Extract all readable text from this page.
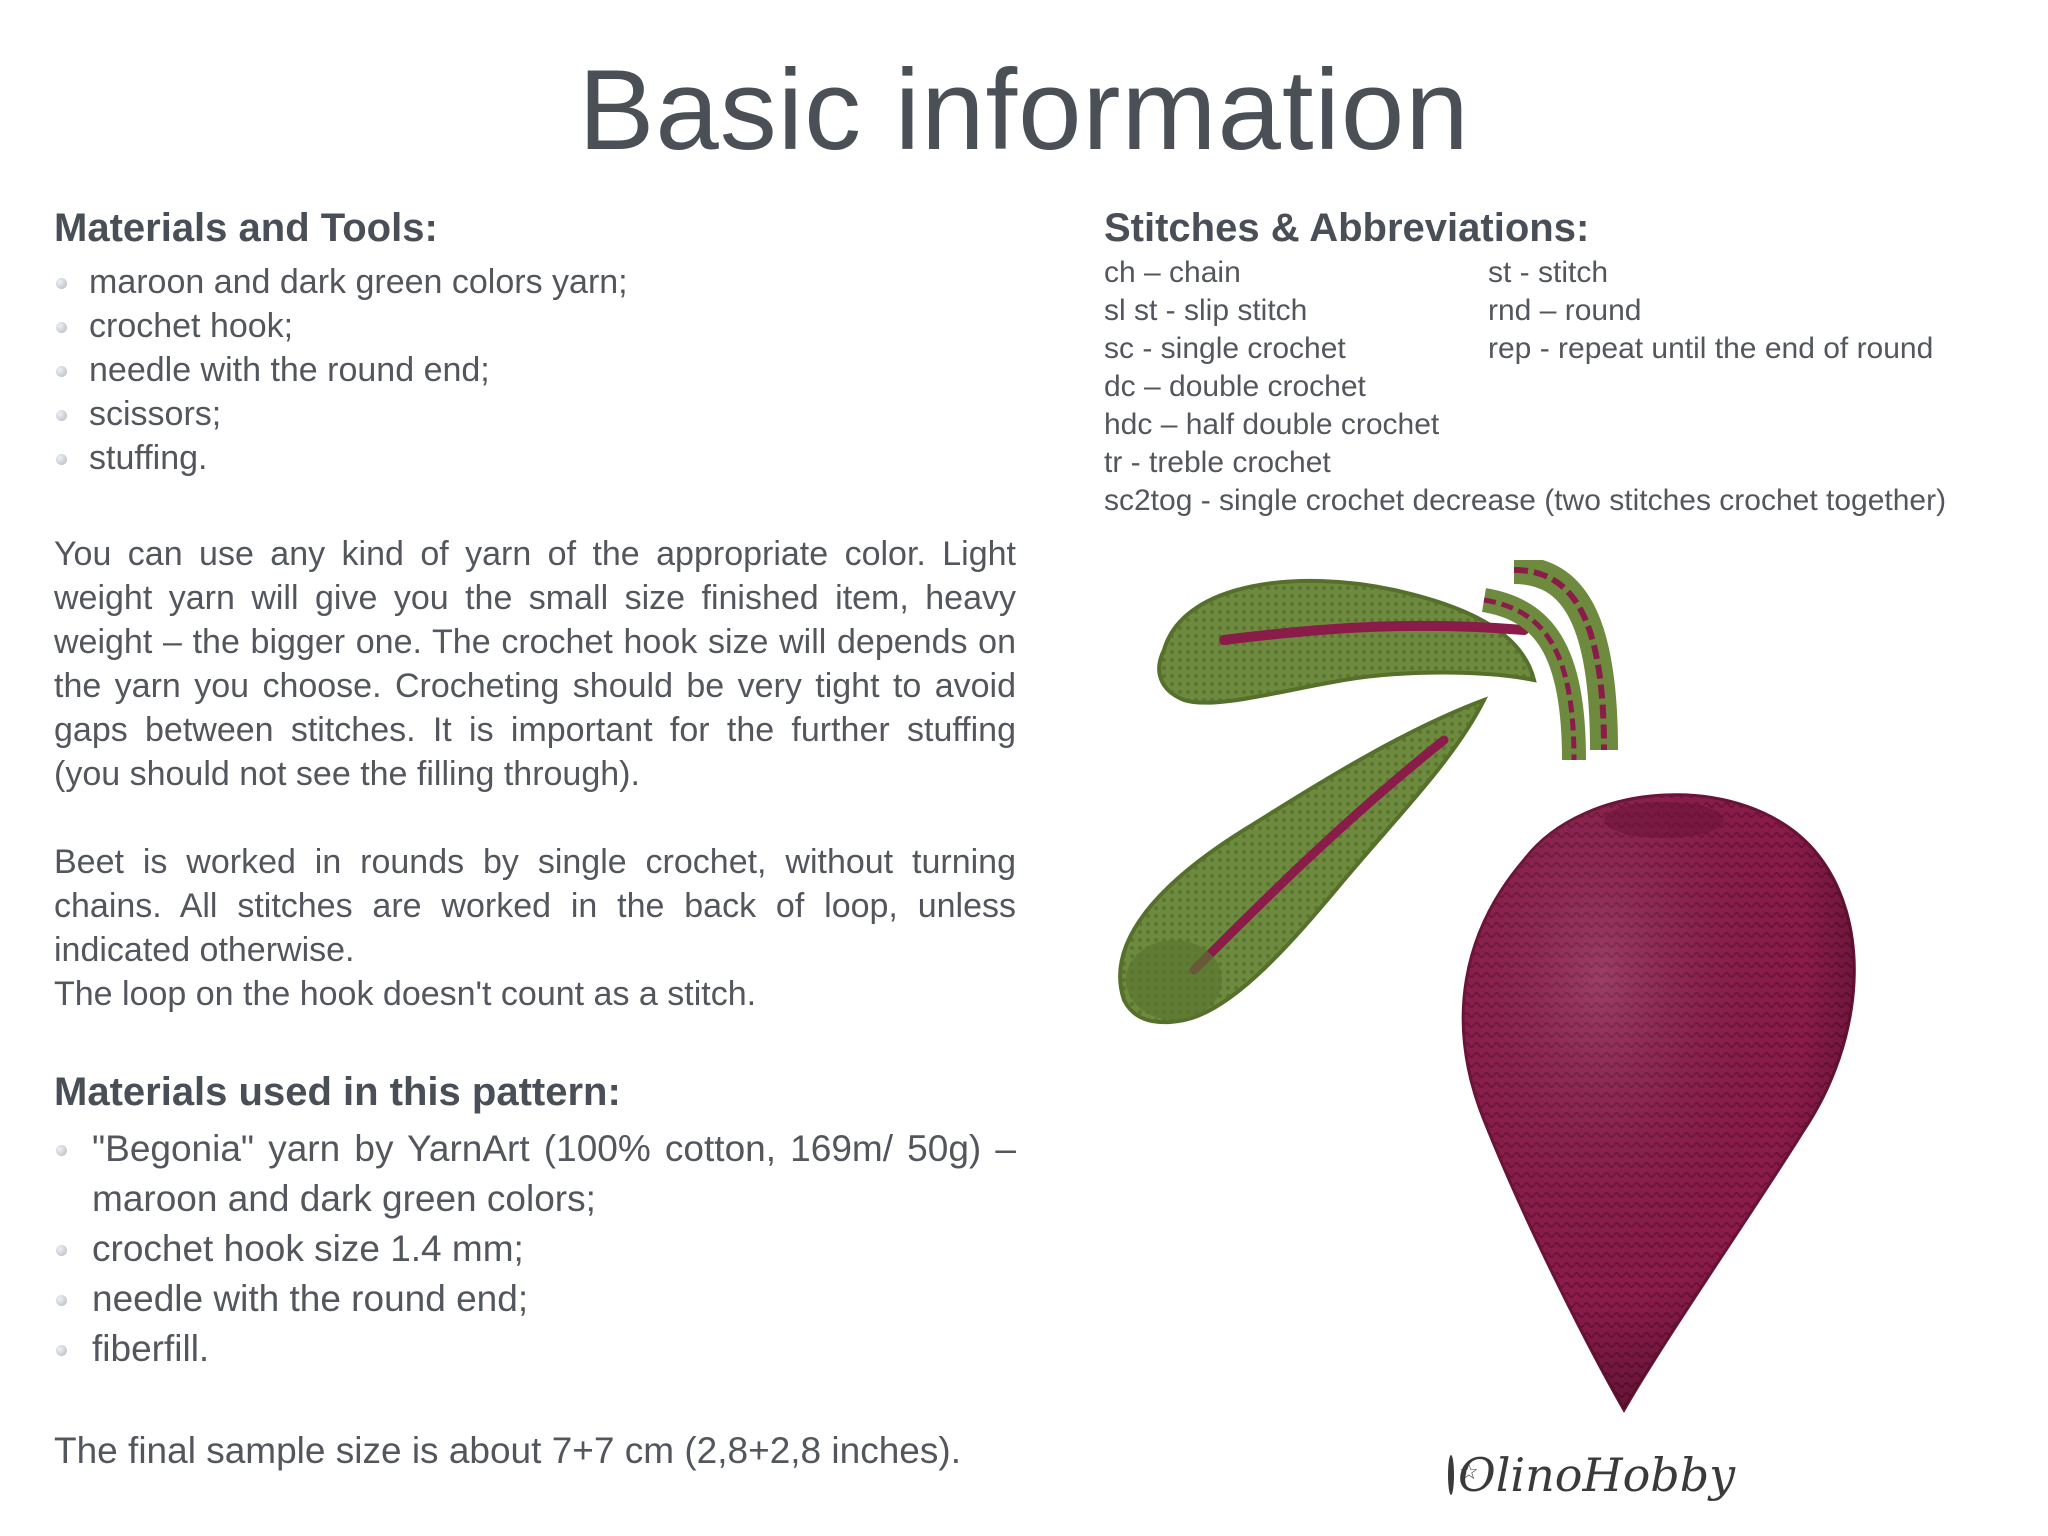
Basic information
Materials and Tools:
maroon and dark green colors yarn;
crochet hook;
needle with the round end;
scissors;
stuffing.

You can use any kind of yarn of the appropriate color. Light weight yarn will give you the small size finished item, heavy weight – the bigger one. The crochet hook size will depends on the yarn you choose. Crocheting should be very tight to avoid gaps between stitches. It is important for the further stuffing (you should not see the filling through).

Beet is worked in rounds by single crochet, without turning chains. All stitches are worked in the back of loop, unless indicated otherwise.

The loop on the hook doesn't count as a stitch.

Materials used in this pattern:
"Begonia" yarn by YarnArt (100% cotton, 169m/ 50g) – maroon and dark green colors;
crochet hook size 1.4 mm;
needle with the round end;
fiberfill.

The final sample size is about 7+7 cm (2,8+2,8 inches).

Stitches & Abbreviations:
ch – chain
sl st - slip stitch
sc - single crochet
dc – double crochet
hdc – half double crochet
tr - treble crochet
st - stitch
rnd – round
rep - repeat until the end of round
sc2tog - single crochet decrease (two stitches crochet together)
☆
OlinoHobby
